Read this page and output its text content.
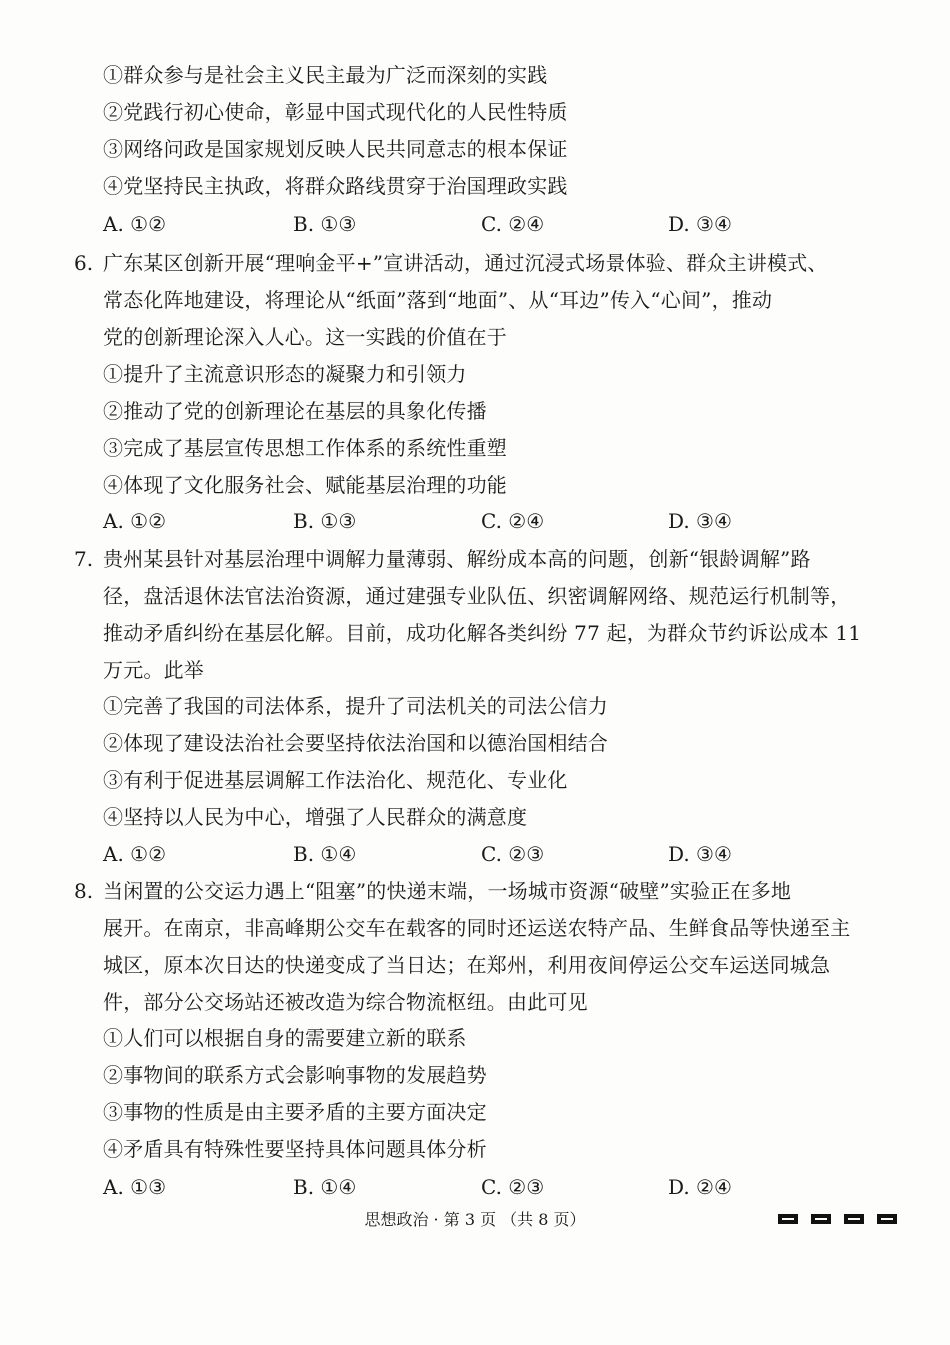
①群众参与是社会主义民主最为广泛而深刻的实践
②党践行初心使命，彰显中国式现代化的人民性特质
③网络问政是国家规划反映人民共同意志的根本保证
④党坚持民主执政，将群众路线贯穿于治国理政实践
A. ①②	B. ①③	C. ②④	D. ③④
6. 广东某区创新开展“理响金平+”宣讲活动，通过沉浸式场景体验、群众主讲模式、
常态化阵地建设，将理论从“纸面”落到“地面”、从“耳边”传入“心间”，推动
党的创新理论深入人心。这一实践的价值在于
①提升了主流意识形态的凝聚力和引领力
②推动了党的创新理论在基层的具象化传播
③完成了基层宣传思想工作体系的系统性重塑
④体现了文化服务社会、赋能基层治理的功能
A. ①②	B. ①③	C. ②④	D. ③④
7. 贵州某县针对基层治理中调解力量薄弱、解纷成本高的问题，创新“银龄调解”路
径，盘活退休法官法治资源，通过建强专业队伍、织密调解网络、规范运行机制等，
推动矛盾纠纷在基层化解。目前，成功化解各类纠纷 77 起，为群众节约诉讼成本 11
万元。此举
①完善了我国的司法体系，提升了司法机关的司法公信力
②体现了建设法治社会要坚持依法治国和以德治国相结合
③有利于促进基层调解工作法治化、规范化、专业化
④坚持以人民为中心，增强了人民群众的满意度
A. ①②	B. ①④	C. ②③	D. ③④
8. 当闲置的公交运力遇上“阻塞”的快递末端，一场城市资源“破壁”实验正在多地
展开。在南京，非高峰期公交车在载客的同时还运送农特产品、生鲜食品等快递至主
城区，原本次日达的快递变成了当日达；在郑州，利用夜间停运公交车运送同城急
件，部分公交场站还被改造为综合物流枢纽。由此可见
①人们可以根据自身的需要建立新的联系
②事物间的联系方式会影响事物的发展趋势
③事物的性质是由主要矛盾的主要方面决定
④矛盾具有特殊性要坚持具体问题具体分析
A. ①③	B. ①④	C. ②③	D. ②④
思想政治 · 第 3 页 （共 8 页）
